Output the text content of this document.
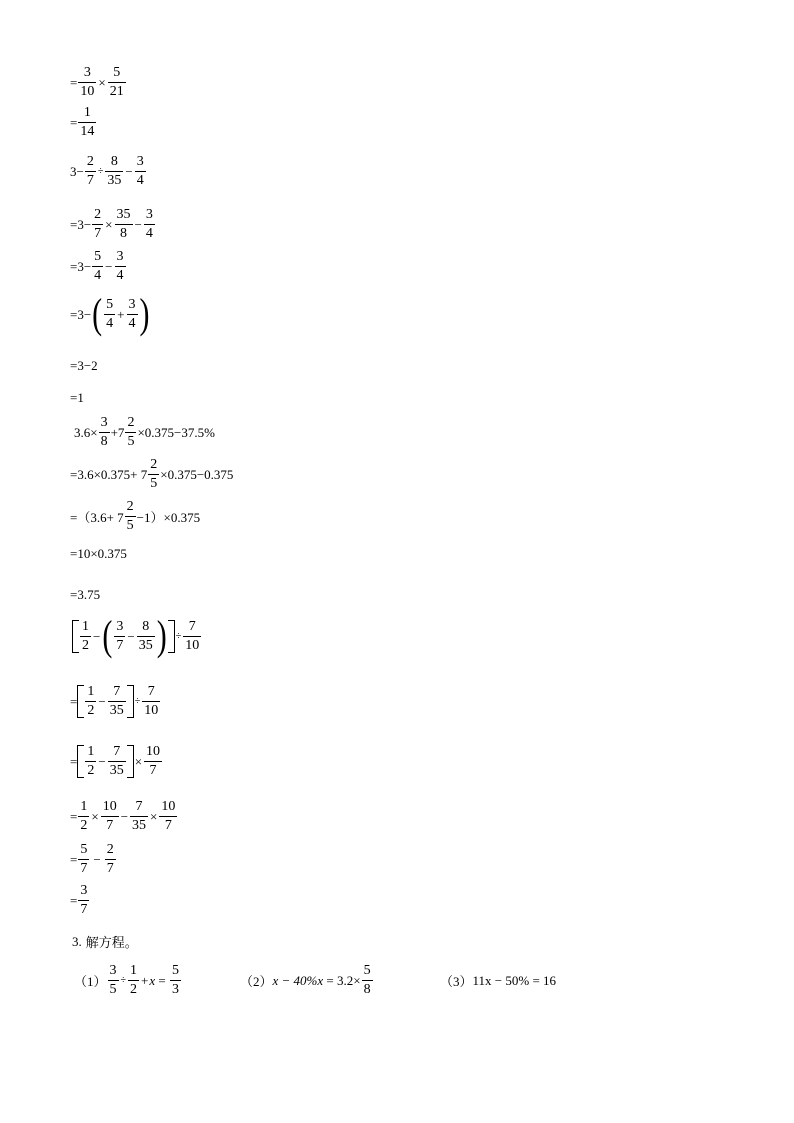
= $\frac{3}{10} \times \frac{5}{21}$
= $\frac{1}{14}$
$3- \frac{2}{7} \div \frac{8}{35} - \frac{3}{4}$
$=3- \frac{2}{7} \times \frac{35}{8} - \frac{3}{4}$
$=3- \frac{5}{4} - \frac{3}{4}$
=3− ( $\frac{5}{4} + \frac{3}{4}$ )
=3−2
=1
$3.6\times \frac{3}{8} +7 \frac{2}{5} \times 0.375-37.5\%$
$=3.6\times 0.375+ 7 \frac{2}{5} \times 0.375-0.375$
$=(3.6+ 7 \frac{2}{5} -1)\times 0.375$
=10×0.375
=3.75
$\frac{1}{2}$ − ( $\frac{3}{7} - \frac{8}{35}$ ) ÷ $\frac{7}{10}$
= $\frac{1}{2} - \frac{7}{35} \div \frac{7}{10}$
= $\frac{1}{2} - \frac{7}{35} \times \frac{10}{7}$
= $\frac{1}{2} \times \frac{10}{7} - \frac{7}{35} \times \frac{10}{7}$
= $\frac{5}{7} - \frac{2}{7}$
= $\frac{3}{7}$
3. 解方程。
$(1) \frac{3}{5} \div \frac{1}{2} + x = \frac{5}{3}$	（2） $x - 40\%x = 3.2\times \frac{5}{8}$	（3） 11x − 50% = 16
